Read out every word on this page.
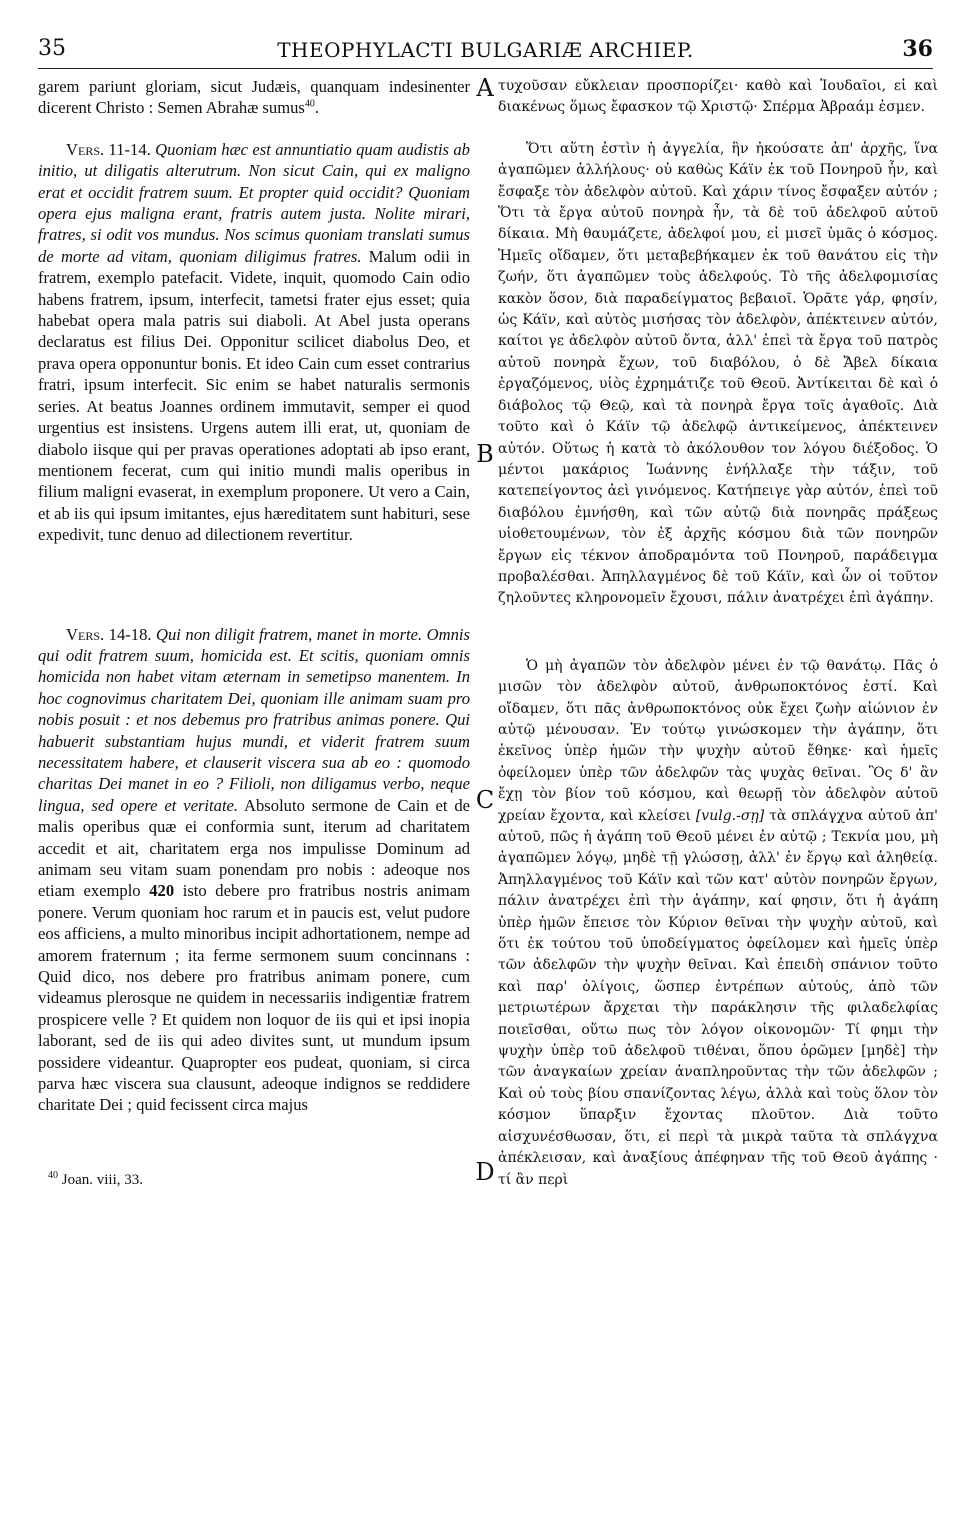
35	THEOPHYLACTI BULGARIÆ ARCHIEP.	36
A
B
C
D

garem pariunt gloriam, sicut Judæis, quanquam indesinenter dicerent Christo : Semen Abrahæ sumus$^{40}$.

Vers. 11-14. Quoniam hæc est annuntiatio quam audistis ab initio, ut diligatis alterutrum. Non sicut Cain, qui ex maligno erat et occidit fratrem suum. Et propter quid occidit? Quoniam opera ejus maligna erant, fratris autem justa. Nolite mirari, fratres, si odit vos mundus. Nos scimus quoniam translati sumus de morte ad vitam, quoniam diligimus fratres. Malum odii in fratrem, exemplo patefacit. Videte, inquit, quomodo Cain odio habens fratrem, ipsum, interfecit, tametsi frater ejus esset; quia habebat opera mala patris sui diaboli. At Abel justa operans declaratus est filius Dei. Opponitur scilicet diabolus Deo, et prava opera opponuntur bonis. Et ideo Cain cum esset contrarius fratri, ipsum interfecit. Sic enim se habet naturalis sermonis series. At beatus Joannes ordinem immutavit, semper ei quod urgentius est insistens. Urgens autem illi erat, ut, quoniam de diabolo iisque qui per pravas operationes adoptati ab ipso erant, mentionem fecerat, cum qui initio mundi malis operibus in filium maligni evaserat, in exemplum proponere. Ut vero a Cain, et ab iis qui ipsum imitantes, ejus hæreditatem sunt habituri, sese expedivit, tunc denuo ad dilectionem revertitur.

Vers. 14-18. Qui non diligit fratrem, manet in morte. Omnis qui odit fratrem suum, homicida est. Et scitis, quoniam omnis homicida non habet vitam æternam in semetipso manentem. In hoc cognovimus charitatem Dei, quoniam ille animam suam pro nobis posuit : et nos debemus pro fratribus animas ponere. Qui habuerit substantiam hujus mundi, et viderit fratrem suum necessitatem habere, et clauserit viscera sua ab eo : quomodo charitas Dei manet in eo ? Filioli, non diligamus verbo, neque lingua, sed opere et veritate. Absoluto sermone de Cain et de malis operibus quæ ei conformia sunt, iterum ad charitatem accedit et ait, charitatem erga nos impulisse Dominum ad animam seu vitam suam ponendam pro nobis : adeoque nos etiam exemplo 420 isto debere pro fratribus nostris animam ponere. Verum quoniam hoc rarum et in paucis est, velut pudore eos afficiens, a multo minoribus incipit adhortationem, nempe ad amorem fraternum ; ita ferme sermonem suum concinnans : Quid dico, nos debere pro fratribus animam ponere, cum videamus plerosque ne quidem in necessariis indigentiæ fratrem prospicere velle ? Et quidem non loquor de iis qui et ipsi inopia laborant, sed de iis qui adeo divites sunt, ut mundum ipsum possidere videantur. Quapropter eos pudeat, quoniam, si circa parva hæc viscera sua clausunt, adeoque indignos se reddidere charitate Dei ; quid fecissent circa majus

$^{40}$ Joan. viii, 33.

τυχοῦσαν εὔκλειαν προσπορίζει· καθὸ καὶ Ἰουδαῖοι, εἰ καὶ διακένως ὅμως ἔφασκον τῷ Χριστῷ· Σπέρμα Ἀβραάμ ἐσμεν.

Ὅτι αὕτη ἐστὶν ἡ ἀγγελία, ἣν ἠκούσατε ἀπ' ἀρχῆς, ἵνα ἀγαπῶμεν ἀλλήλους· οὐ καθὼς Κάϊν ἐκ τοῦ Πονηροῦ ἦν, καὶ ἔσφαξε τὸν ἀδελφὸν αὐτοῦ. Καὶ χάριν τίνος ἔσφαξεν αὐτόν ; Ὅτι τὰ ἔργα αὐτοῦ πονηρὰ ἦν, τὰ δὲ τοῦ ἀδελφοῦ αὐτοῦ δίκαια. Μὴ θαυμάζετε, ἀδελφοί μου, εἰ μισεῖ ὑμᾶς ὁ κόσμος. Ἡμεῖς οἴδαμεν, ὅτι μεταβεβήκαμεν ἐκ τοῦ θανάτου εἰς τὴν ζωήν, ὅτι ἀγαπῶμεν τοὺς ἀδελφούς. Τὸ τῆς ἀδελφομισίας κακὸν ὅσον, διὰ παραδείγματος βεβαιοῖ. Ὁρᾶτε γάρ, φησίν, ὡς Κάϊν, καὶ αὐτὸς μισήσας τὸν ἀδελφὸν, ἀπέκτεινεν αὐτόν, καίτοι γε ἀδελφὸν αὐτοῦ ὄντα, ἀλλ' ἐπεὶ τὰ ἔργα τοῦ πατρὸς αὐτοῦ πονηρὰ ἔχων, τοῦ διαβόλου, ὁ δὲ Ἄβελ δίκαια ἐργαζόμενος, υἱὸς ἐχρημάτιζε τοῦ Θεοῦ. Ἀντίκειται δὲ καὶ ὁ διάβολος τῷ Θεῷ, καὶ τὰ πονηρὰ ἔργα τοῖς ἀγαθοῖς. Διὰ τοῦτο καὶ ὁ Κάϊν τῷ ἀδελφῷ ἀντικείμενος, ἀπέκτεινεν αὐτόν. Οὕτως ἡ κατὰ τὸ ἀκόλουθον τον λόγου διέξοδος. Ὁ μέντοι μακάριος Ἰωάννης ἐνήλλαξε τὴν τάξιν, τοῦ κατεπείγοντος ἀεὶ γινόμενος. Κατήπειγε γὰρ αὐτόν, ἐπεὶ τοῦ διαβόλου ἐμνήσθη, καὶ τῶν αὐτῷ διὰ πονηρᾶς πράξεως υἱοθετουμένων, τὸν ἐξ ἀρχῆς κόσμου διὰ τῶν πονηρῶν ἔργων εἰς τέκνον ἀποδραμόντα τοῦ Πονηροῦ, παράδειγμα προβαλέσθαι. Ἀπηλλαγμένος δὲ τοῦ Κάϊν, καὶ ὧν οἱ τοῦτον ζηλοῦντες κληρονομεῖν ἔχουσι, πάλιν ἀνατρέχει ἐπὶ ἀγάπην.

Ὁ μὴ ἀγαπῶν τὸν ἀδελφὸν μένει ἐν τῷ θανάτῳ. Πᾶς ὁ μισῶν τὸν ἀδελφὸν αὐτοῦ, ἀνθρωποκτόνος ἐστί. Καὶ οἴδαμεν, ὅτι πᾶς ἀνθρωποκτόνος οὐκ ἔχει ζωὴν αἰώνιον ἐν αὐτῷ μένουσαν. Ἐν τούτῳ γινώσκομεν τὴν ἀγάπην, ὅτι ἐκεῖνος ὑπὲρ ἡμῶν τὴν ψυχὴν αὐτοῦ ἔθηκε· καὶ ἡμεῖς ὀφείλομεν ὑπὲρ τῶν ἀδελφῶν τὰς ψυχὰς θεῖναι. Ὃς δ' ἂν ἔχῃ τὸν βίον τοῦ κόσμου, καὶ θεωρῇ τὸν ἀδελφὸν αὐτοῦ χρείαν ἔχοντα, καὶ κλείσει [vulg.-σῃ] τὰ σπλάγχνα αὐτοῦ ἀπ' αὐτοῦ, πῶς ἡ ἀγάπη τοῦ Θεοῦ μένει ἐν αὐτῷ ; Τεκνία μου, μὴ ἀγαπῶμεν λόγῳ, μηδὲ τῇ γλώσσῃ, ἀλλ' ἐν ἔργῳ καὶ ἀληθείᾳ. Ἀπηλλαγμένος τοῦ Κάϊν καὶ τῶν κατ' αὐτὸν πονηρῶν ἔργων, πάλιν ἀνατρέχει ἐπὶ τὴν ἀγάπην, καί φησιν, ὅτι ἡ ἀγάπη ὑπὲρ ἡμῶν ἔπεισε τὸν Κύριον θεῖναι τὴν ψυχὴν αὐτοῦ, καὶ ὅτι ἐκ τούτου τοῦ ὑποδείγματος ὀφείλομεν καὶ ἡμεῖς ὑπὲρ τῶν ἀδελφῶν τὴν ψυχὴν θεῖναι. Καὶ ἐπειδὴ σπάνιον τοῦτο καὶ παρ' ὀλίγοις, ὥσπερ ἐντρέπων αὐτούς, ἀπὸ τῶν μετριωτέρων ἄρχεται τὴν παράκλησιν τῆς φιλαδελφίας ποιεῖσθαι, οὕτω πως τὸν λόγον οἰκονομῶν· Τί φημι τὴν ψυχὴν ὑπὲρ τοῦ ἀδελφοῦ τιθέναι, ὅπου ὁρῶμεν [μηδὲ] τὴν τῶν ἀναγκαίων χρείαν ἀναπληροῦντας τὴν τῶν ἀδελφῶν ; Καὶ οὐ τοὺς βίου σπανίζοντας λέγω, ἀλλὰ καὶ τοὺς ὅλον τὸν κόσμον ὕπαρξιν ἔχοντας πλοῦτον. Διὰ τοῦτο αἰσχυνέσθωσαν, ὅτι, εἰ περὶ τὰ μικρὰ ταῦτα τὰ σπλάγχνα ἀπέκλεισαν, καὶ ἀναξίους ἀπέφηναν τῆς τοῦ Θεοῦ ἀγάπης · τί ἂν περὶ
